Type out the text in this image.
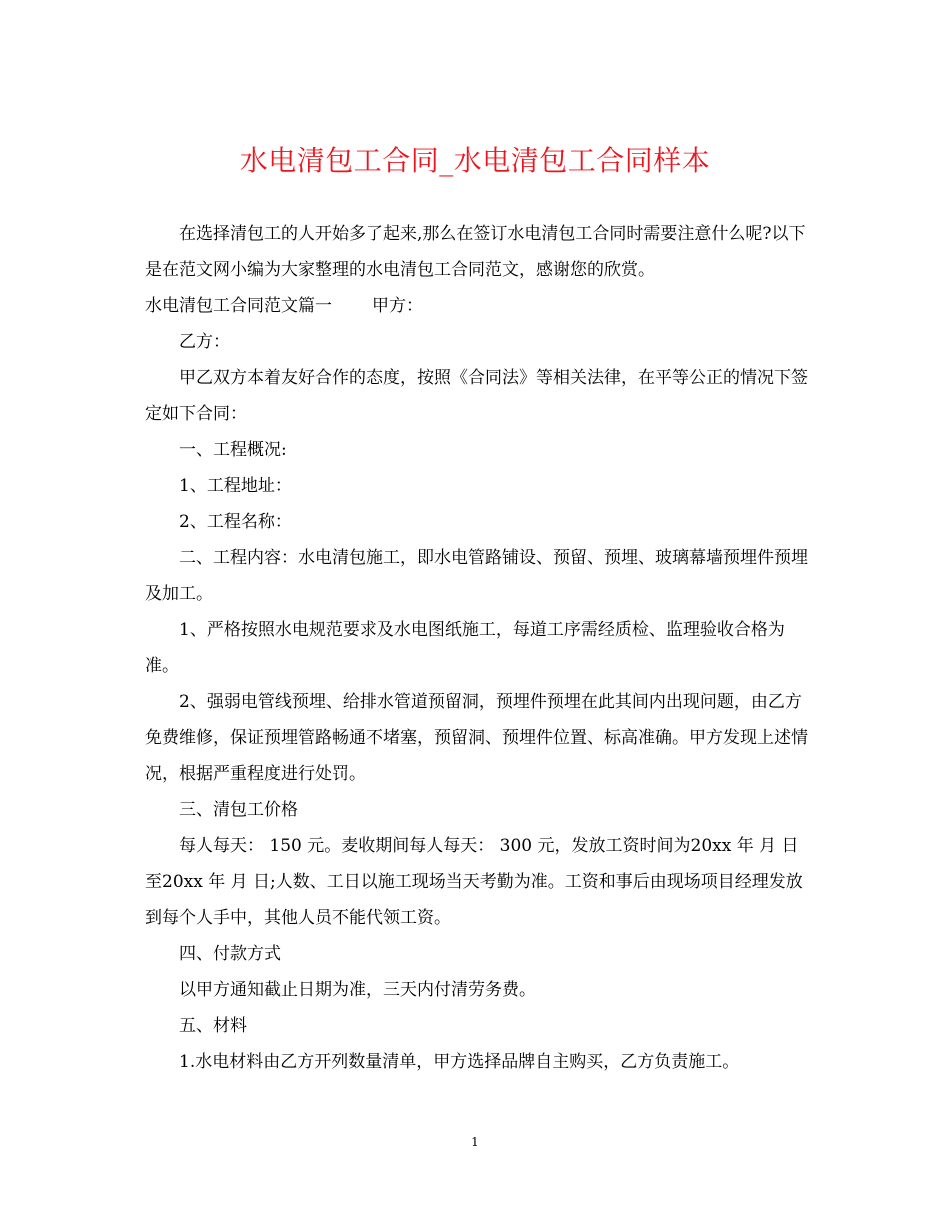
水电清包工合同_水电清包工合同样本

在选择清包工的人开始多了起来,那么在签订水电清包工合同时需要注意什么呢?以下是在范文网小编为大家整理的水电清包工合同范文，感谢您的欣赏。

水电清包工合同范文篇一 甲方：

乙方：

甲乙双方本着友好合作的态度，按照《合同法》等相关法律，在平等公正的情况下签定如下合同：

一、工程概况:

1、工程地址：

2、工程名称：

二、工程内容：水电清包施工，即水电管路铺设、预留、预埋、玻璃幕墙预埋件预埋及加工。

1、严格按照水电规范要求及水电图纸施工，每道工序需经质检、监理验收合格为准。

2、强弱电管线预埋、给排水管道预留洞，预埋件预埋在此其间内出现问题，由乙方免费维修，保证预埋管路畅通不堵塞，预留洞、预埋件位置、标高准确。甲方发现上述情况，根据严重程度进行处罚。

三、清包工价格

每人每天： 150 元。麦收期间每人每天： 300 元，发放工资时间为20xx 年 月 日至20xx 年 月 日;人数、工日以施工现场当天考勤为准。工资和事后由现场项目经理发放到每个人手中，其他人员不能代领工资。

四、付款方式

以甲方通知截止日期为准，三天内付清劳务费。

五、材料

1.水电材料由乙方开列数量清单，甲方选择品牌自主购买，乙方负责施工。

1
